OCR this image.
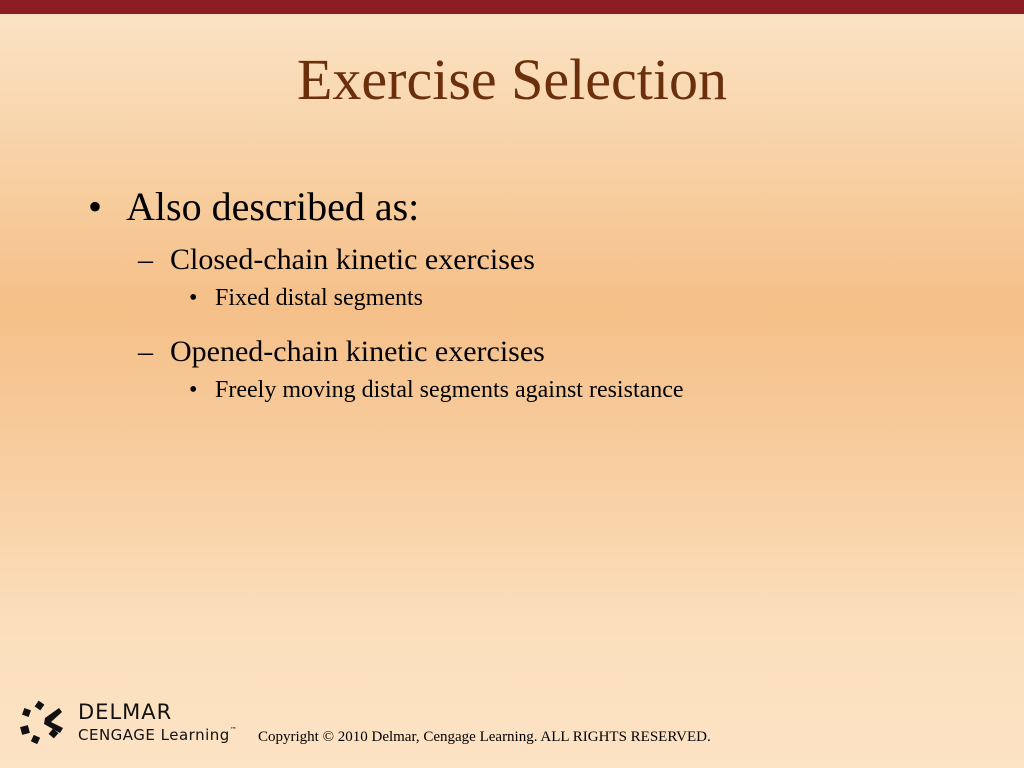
Exercise Selection
• Also described as:
– Closed-chain kinetic exercises
• Fixed distal segments
– Opened-chain kinetic exercises
• Freely moving distal segments against resistance
DELMAR
CENGAGE Learning™ Copyright © 2010 Delmar, Cengage Learning. ALL RIGHTS RESERVED.
